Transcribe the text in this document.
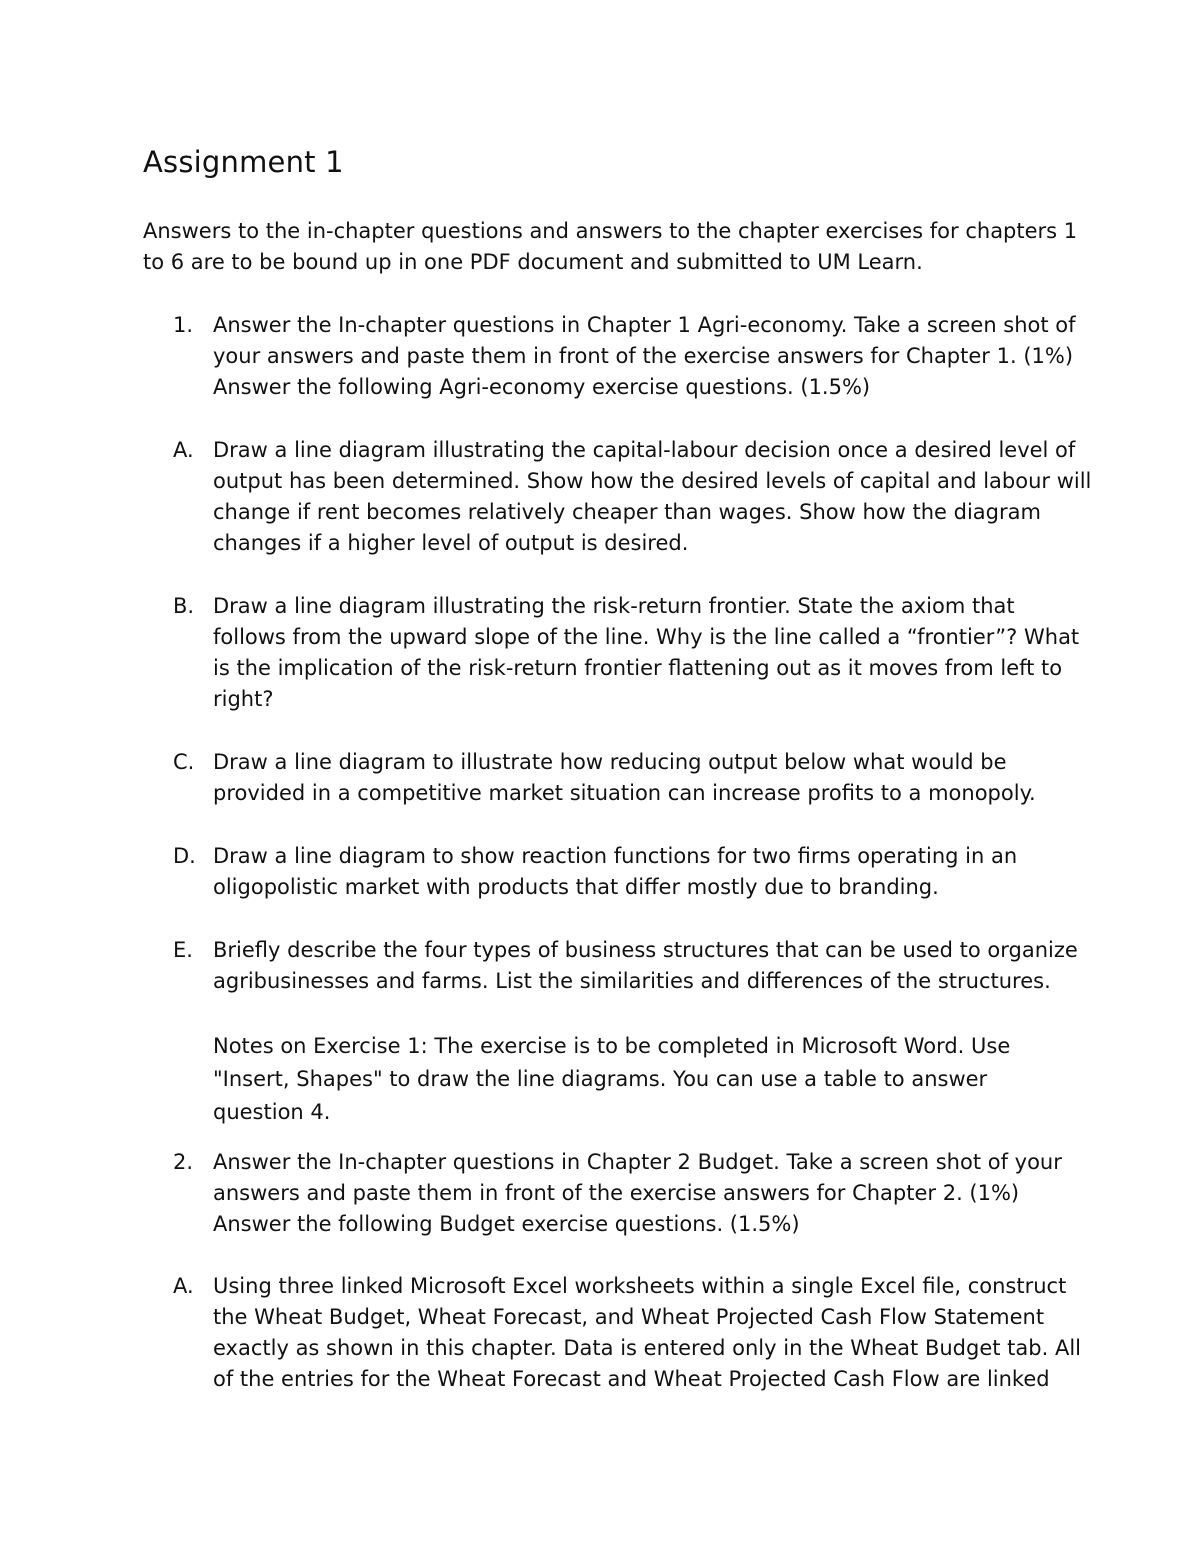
Assignment 1

Answers to the in-chapter questions and answers to the chapter exercises for chapters 1 to 6 are to be bound up in one PDF document and submitted to UM Learn.

1. Answer the In-chapter questions in Chapter 1 Agri-economy. Take a screen shot of your answers and paste them in front of the exercise answers for Chapter 1. (1%) Answer the following Agri-economy exercise questions. (1.5%)
A. Draw a line diagram illustrating the capital-labour decision once a desired level of output has been determined. Show how the desired levels of capital and labour will change if rent becomes relatively cheaper than wages. Show how the diagram changes if a higher level of output is desired.
B. Draw a line diagram illustrating the risk-return frontier. State the axiom that follows from the upward slope of the line. Why is the line called a “frontier”? What is the implication of the risk-return frontier flattening out as it moves from left to right?
C. Draw a line diagram to illustrate how reducing output below what would be provided in a competitive market situation can increase profits to a monopoly.
D. Draw a line diagram to show reaction functions for two firms operating in an oligopolistic market with products that differ mostly due to branding.
E. Briefly describe the four types of business structures that can be used to organize agribusinesses and farms. List the similarities and differences of the structures.
Notes on Exercise 1: The exercise is to be completed in Microsoft Word. Use "Insert, Shapes" to draw the line diagrams. You can use a table to answer question 4.
2. Answer the In-chapter questions in Chapter 2 Budget. Take a screen shot of your answers and paste them in front of the exercise answers for Chapter 2. (1%) Answer the following Budget exercise questions. (1.5%)
A. Using three linked Microsoft Excel worksheets within a single Excel file, construct the Wheat Budget, Wheat Forecast, and Wheat Projected Cash Flow Statement exactly as shown in this chapter. Data is entered only in the Wheat Budget tab. All of the entries for the Wheat Forecast and Wheat Projected Cash Flow are linked
